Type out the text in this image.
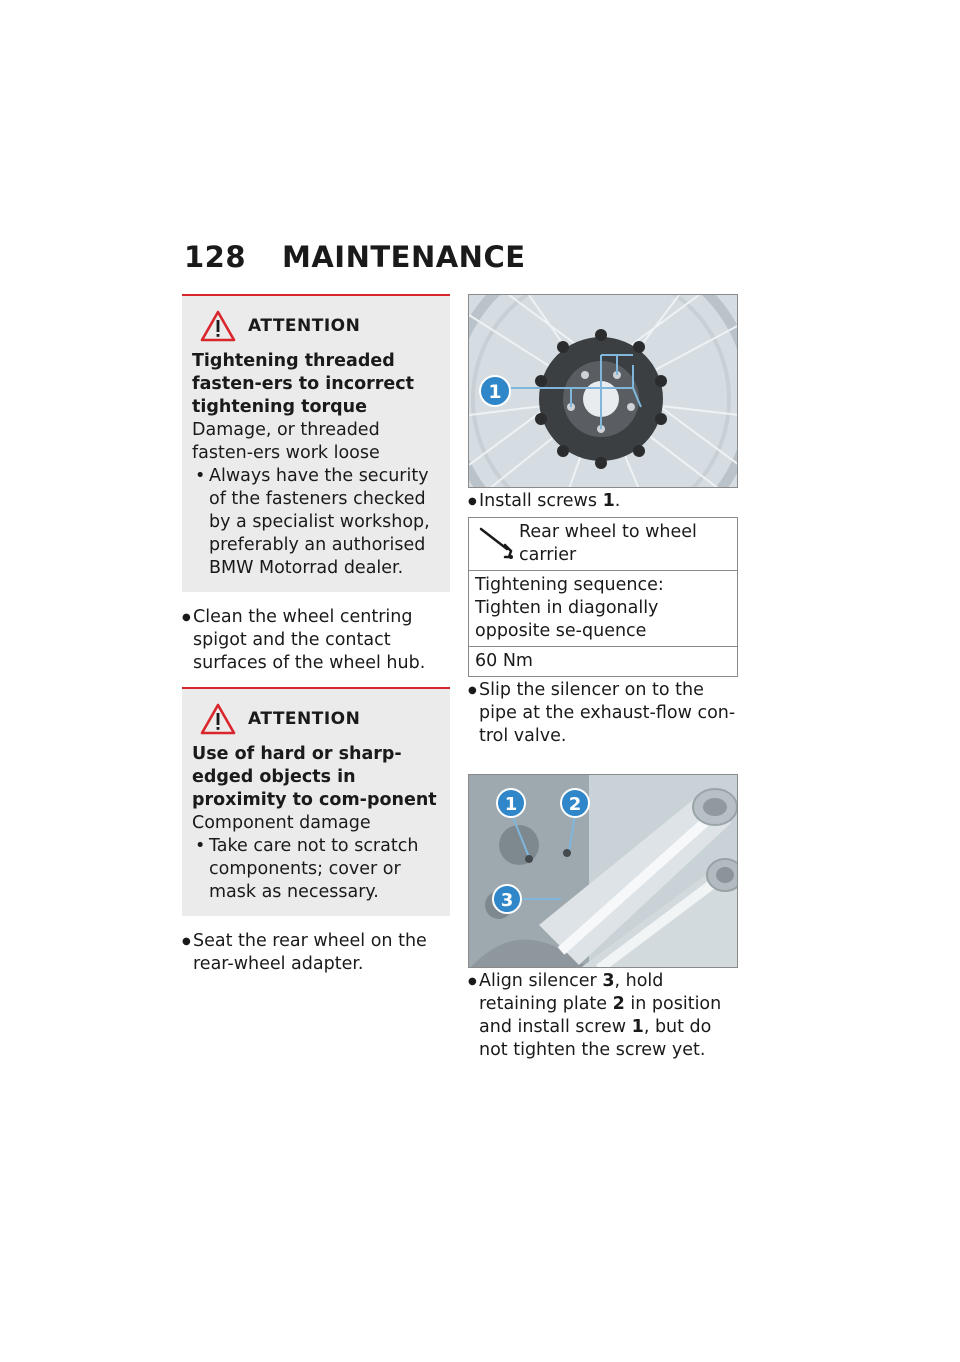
128 MAINTENANCE
ATTENTION
Tightening threaded fasten-ers to incorrect tightening torque
Damage, or threaded fasten-ers work loose
• Always have the security of the fasteners checked by a specialist workshop, preferably an authorised BMW Motorrad dealer.
● Clean the wheel centring spigot and the contact surfaces of the wheel hub.
ATTENTION
Use of hard or sharp-edged objects in proximity to com-ponent
Component damage
• Take care not to scratch components; cover or mask as necessary.
● Seat the rear wheel on the rear-wheel adapter.
1
● Install screws 1.
Rear wheel to wheel carrier
Tightening sequence: Tighten in diagonally opposite se-quence
60 Nm
● Slip the silencer on to the pipe at the exhaust-flow con-trol valve.
1	2
3
● Align silencer 3, hold retaining plate 2 in position and install screw 1, but do not tighten the screw yet.
